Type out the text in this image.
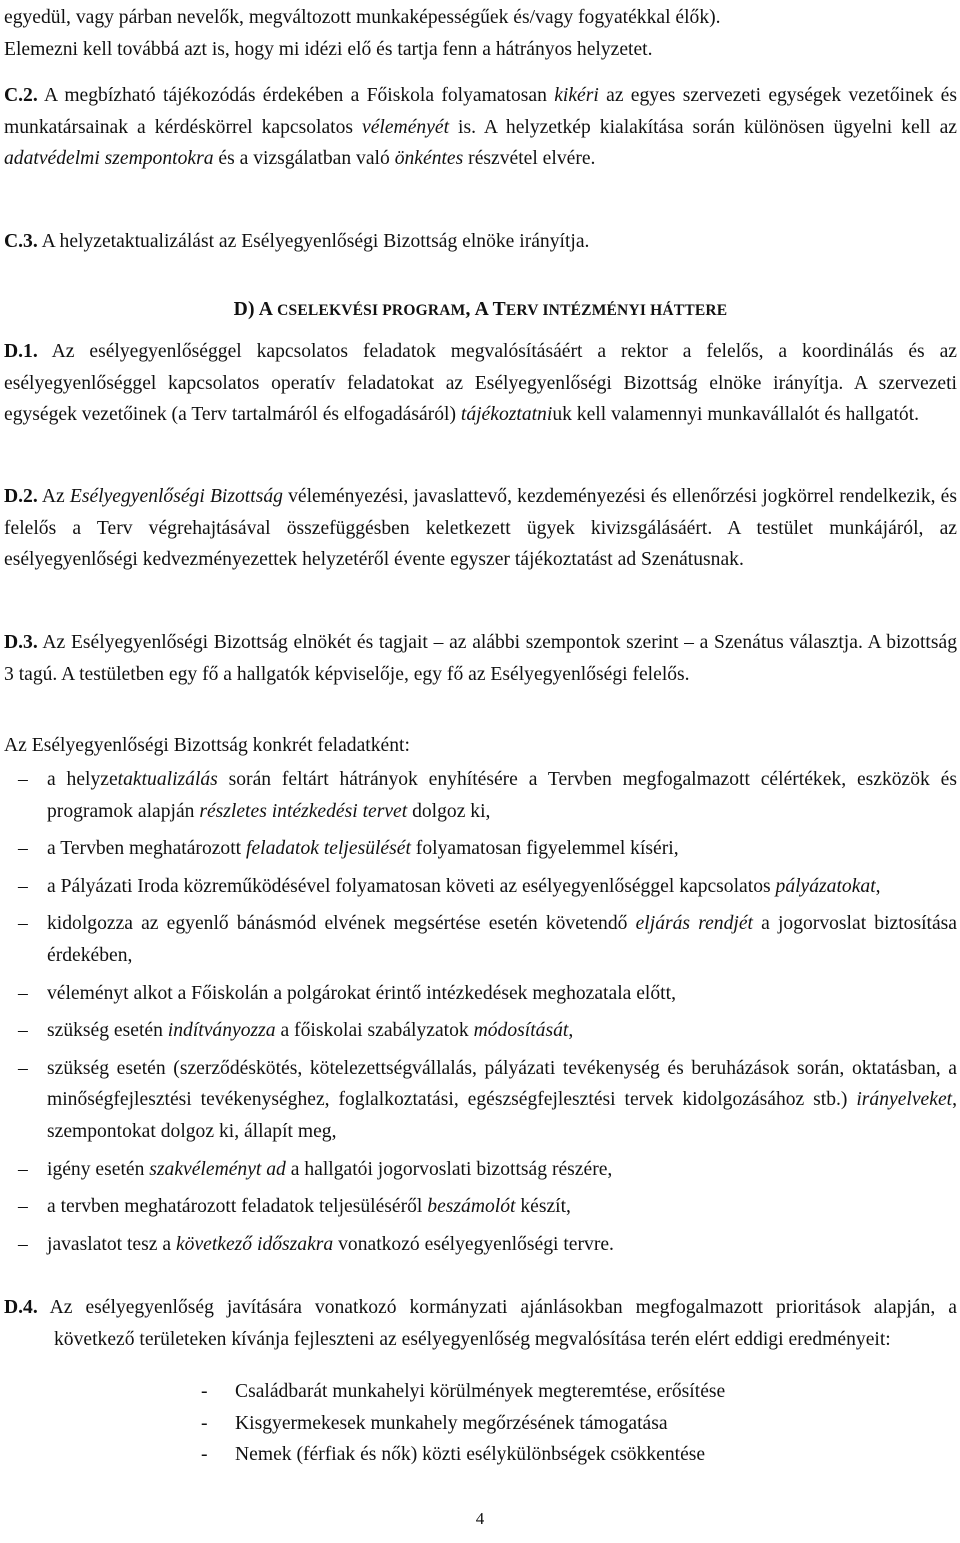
egyedül, vagy párban nevelők, megváltozott munkaképességűek és/vagy fogyatékkal élők).

Elemezni kell továbbá azt is, hogy mi idézi elő és tartja fenn a hátrányos helyzetet.

C.2. A megbízható tájékozódás érdekében a Főiskola folyamatosan kikéri az egyes szervezeti egységek vezetőinek és munkatársainak a kérdéskörrel kapcsolatos véleményét is. A helyzetkép kialakítása során különösen ügyelni kell az adatvédelmi szempontokra és a vizsgálatban való önkéntes részvétel elvére.

C.3. A helyzetaktualizálást az Esélyegyenlőségi Bizottság elnöke irányítja.

D) A CSELEKVÉSI PROGRAM, A TERV INTÉZMÉNYI HÁTTERE

D.1. Az esélyegyenlőséggel kapcsolatos feladatok megvalósításáért a rektor a felelős, a koordinálás és az esélyegyenlőséggel kapcsolatos operatív feladatokat az Esélyegyenlőségi Bizottság elnöke irányítja. A szervezeti egységek vezetőinek (a Terv tartalmáról és elfogadásáról) tájékoztatniuk kell valamennyi munkavállalót és hallgatót.

D.2. Az Esélyegyenlőségi Bizottság véleményezési, javaslattevő, kezdeményezési és ellenőrzési jogkörrel rendelkezik, és felelős a Terv végrehajtásával összefüggésben keletkezett ügyek kivizsgálásáért. A testület munkájáról, az esélyegyenlőségi kedvezményezettek helyzetéről évente egyszer tájékoztatást ad Szenátusnak.

D.3. Az Esélyegyenlőségi Bizottság elnökét és tagjait – az alábbi szempontok szerint – a Szenátus választja. A bizottság 3 tagú. A testületben egy fő a hallgatók képviselője, egy fő az Esélyegyenlőségi felelős.

Az Esélyegyenlőségi Bizottság konkrét feladatként:

– a helyzetaktualizálás során feltárt hátrányok enyhítésére a Tervben megfogalmazott célértékek, eszközök és programok alapján részletes intézkedési tervet dolgoz ki,
– a Tervben meghatározott feladatok teljesülését folyamatosan figyelemmel kíséri,
– a Pályázati Iroda közreműködésével folyamatosan követi az esélyegyenlőséggel kapcsolatos pályázatokat,
– kidolgozza az egyenlő bánásmód elvének megsértése esetén követendő eljárás rendjét a jogorvoslat biztosítása érdekében,
– véleményt alkot a Főiskolán a polgárokat érintő intézkedések meghozatala előtt,
– szükség esetén indítványozza a főiskolai szabályzatok módosítását,
– szükség esetén (szerződéskötés, kötelezettségvállalás, pályázati tevékenység és beruházások során, oktatásban, a minőségfejlesztési tevékenységhez, foglalkoztatási, egészségfejlesztési tervek kidolgozásához stb.) irányelveket, szempontokat dolgoz ki, állapít meg,
– igény esetén szakvéleményt ad a hallgatói jogorvoslati bizottság részére,
– a tervben meghatározott feladatok teljesüléséről beszámolót készít,
– javaslatot tesz a következő időszakra vonatkozó esélyegyenlőségi tervre.

D.4. Az esélyegyenlőség javítására vonatkozó kormányzati ajánlásokban megfogalmazott prioritások alapján, a következő területeken kívánja fejleszteni az esélyegyenlőség megvalósítása terén elért eddigi eredményeit:

- Családbarát munkahelyi körülmények megteremtése, erősítése
- Kisgyermekesek munkahely megőrzésének támogatása
- Nemek (férfiak és nők) közti esélykülönbségek csökkentése
4
